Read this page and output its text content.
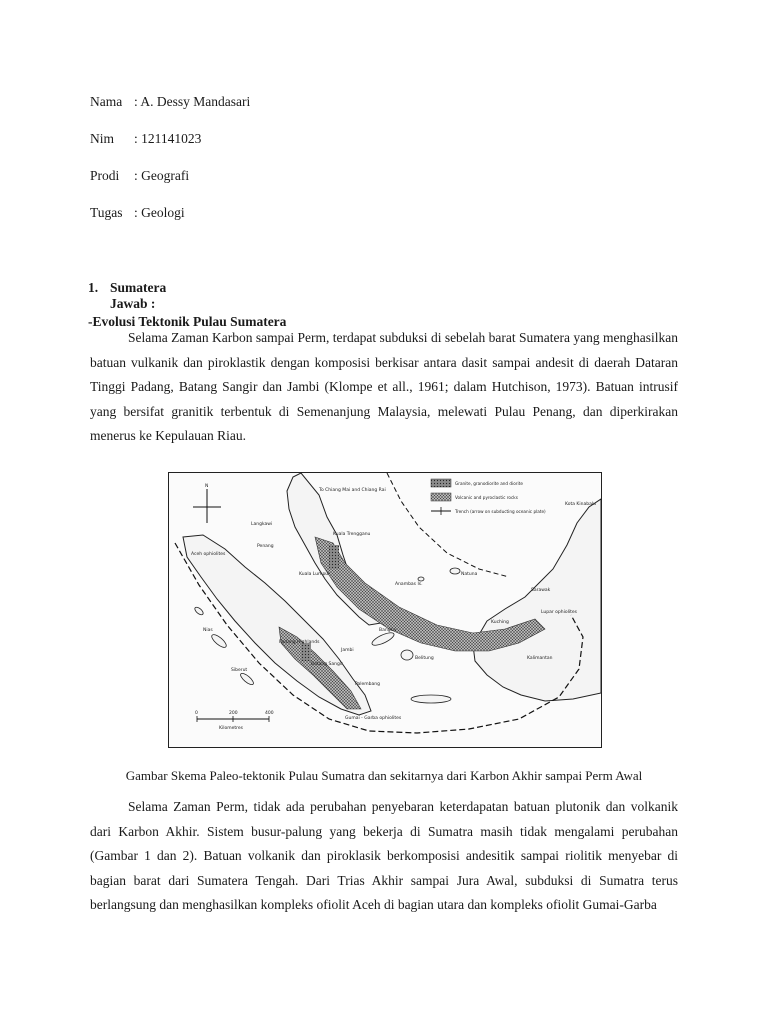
Nama : A. Dessy Mandasari
Nim : 121141023
Prodi : Geografi
Tugas : Geologi
1. Sumatera
Jawab :
-Evolusi Tektonik Pulau Sumatera

Selama Zaman Karbon sampai Perm, terdapat subduksi di sebelah barat Sumatera yang menghasilkan batuan vulkanik dan piroklastik dengan komposisi berkisar antara dasit sampai andesit di daerah Dataran Tinggi Padang, Batang Sangir dan Jambi (Klompe et all., 1961; dalam Hutchison, 1973). Batuan intrusif yang bersifat granitik terbentuk di Semenanjung Malaysia, melewati Pulau Penang, dan diperkirakan menerus ke Kepulauan Riau.

N
Granite, granodiorite and diorite
Volcanic and pyroclastic rocks
Trench (arrow on subducting oceanic plate)
To Chiang Mai and Chiang Rai
Langkawi
Penang
Aceh ophiolites
Kuala Lumpur
Kuala Trengganu
Anambas Is.
Natuna
Kuching
Sarawak
Kota Kinabalu
Lupar ophiolites
Kalimantan
Padang Highlands
Batang Sangir
Jambi
Palembang
Bangka
Belitung
Gumai - Garba ophiolites
Nias
Siberut
0	200	400
Kilometres
Gambar Skema Paleo-tektonik Pulau Sumatra dan sekitarnya dari Karbon Akhir sampai Perm Awal

Selama Zaman Perm, tidak ada perubahan penyebaran keterdapatan batuan plutonik dan volkanik dari Karbon Akhir. Sistem busur-palung yang bekerja di Sumatra masih tidak mengalami perubahan (Gambar 1 dan 2). Batuan volkanik dan piroklasik berkomposisi andesitik sampai riolitik menyebar di bagian barat dari Sumatera Tengah. Dari Trias Akhir sampai Jura Awal, subduksi di Sumatra terus berlangsung dan menghasilkan kompleks ofiolit Aceh di bagian utara dan kompleks ofiolit Gumai-Garba
